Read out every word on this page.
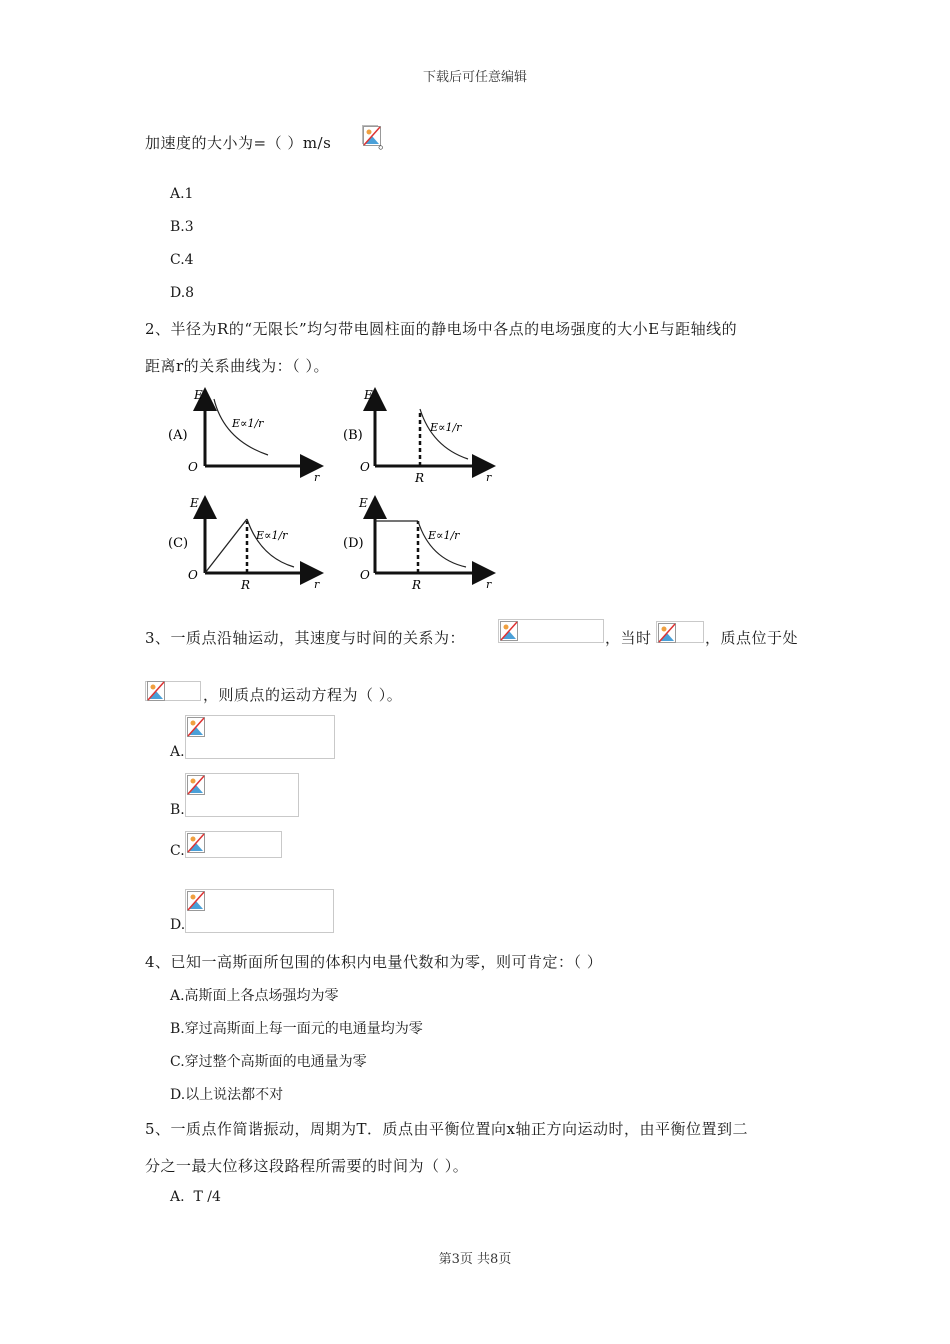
下载后可任意编辑
加速度的大小为=（ ）m/s	。
A.1
B.3
C.4
D.8
2、半径为R的“无限长”均匀带电圆柱面的静电场中各点的电场强度的大小E与距轴线的
距离r的关系曲线为：（ ）。
(A)
E
O
r
E∝1/r
(B)
E
O
R	r
E∝1/r
(C)
E
O
R	r
E∝1/r
(D)
E
O
R	r
E∝1/r
3、一质点沿轴运动，其速度与时间的关系为：	，当时	，质点位于处
，则质点的运动方程为（ ）。
A.
B.
C.
D.
4、已知一高斯面所包围的体积内电量代数和为零，则可肯定：（ ）
A.高斯面上各点场强均为零
B.穿过高斯面上每一面元的电通量均为零
C.穿过整个高斯面的电通量为零
D.以上说法都不对
5、一质点作简谐振动，周期为T．质点由平衡位置向x轴正方向运动时，由平衡位置到二
分之一最大位移这段路程所需要的时间为（ ）。
A.  T /4
第3页 共8页
